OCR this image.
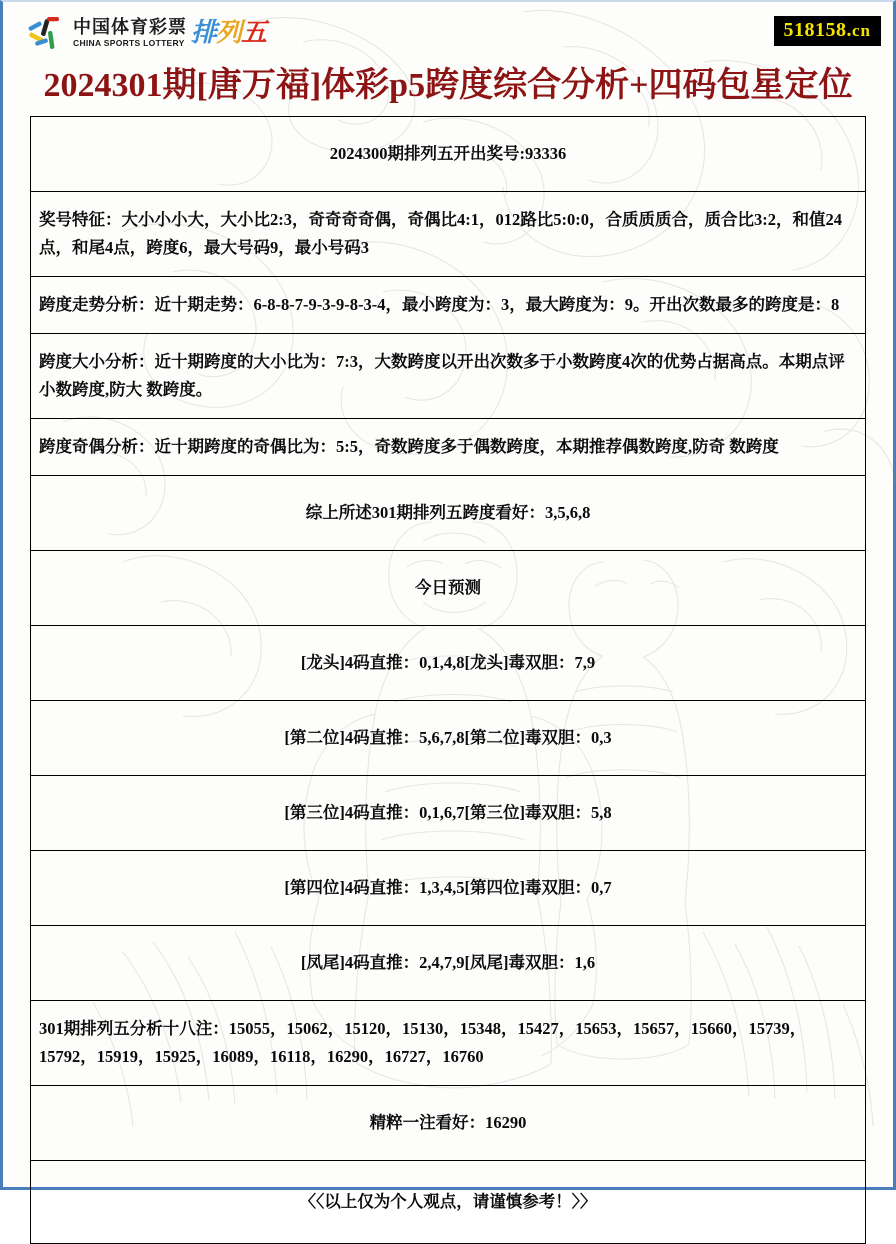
中国体育彩票
CHINA SPORTS LOTTERY 排列五	518158.cn
2024301期[唐万福]体彩p5跨度综合分析+四码包星定位
2024300期排列五开出奖号:93336
奖号特征：大小小小大，大小比2:3，奇奇奇奇偶，奇偶比4:1，012路比5:0:0，合质质质合，质合比3:2，和值24点，和尾4点，跨度6，最大号码9，最小号码3
跨度走势分析：近十期走势：6-8-8-7-9-3-9-8-3-4，最小跨度为：3，最大跨度为：9。开出次数最多的跨度是：8
跨度大小分析：近十期跨度的大小比为：7:3，大数跨度以开出次数多于小数跨度4次的优势占据高点。本期点评小数跨度,防大 数跨度。
跨度奇偶分析：近十期跨度的奇偶比为：5:5，奇数跨度多于偶数跨度，本期推荐偶数跨度,防奇 数跨度
综上所述301期排列五跨度看好：3,5,6,8
今日预测
[龙头]4码直推：0,1,4,8[龙头]毒双胆：7,9
[第二位]4码直推：5,6,7,8[第二位]毒双胆：0,3
[第三位]4码直推：0,1,6,7[第三位]毒双胆：5,8
[第四位]4码直推：1,3,4,5[第四位]毒双胆：0,7
[凤尾]4码直推：2,4,7,9[凤尾]毒双胆：1,6
301期排列五分析十八注：15055，15062，15120，15130，15348，15427，15653，15657，15660，15739，15792，15919，15925，16089，16118，16290，16727，16760
精粹一注看好：16290
〈〈以上仅为个人观点，请谨慎参考！〉〉
